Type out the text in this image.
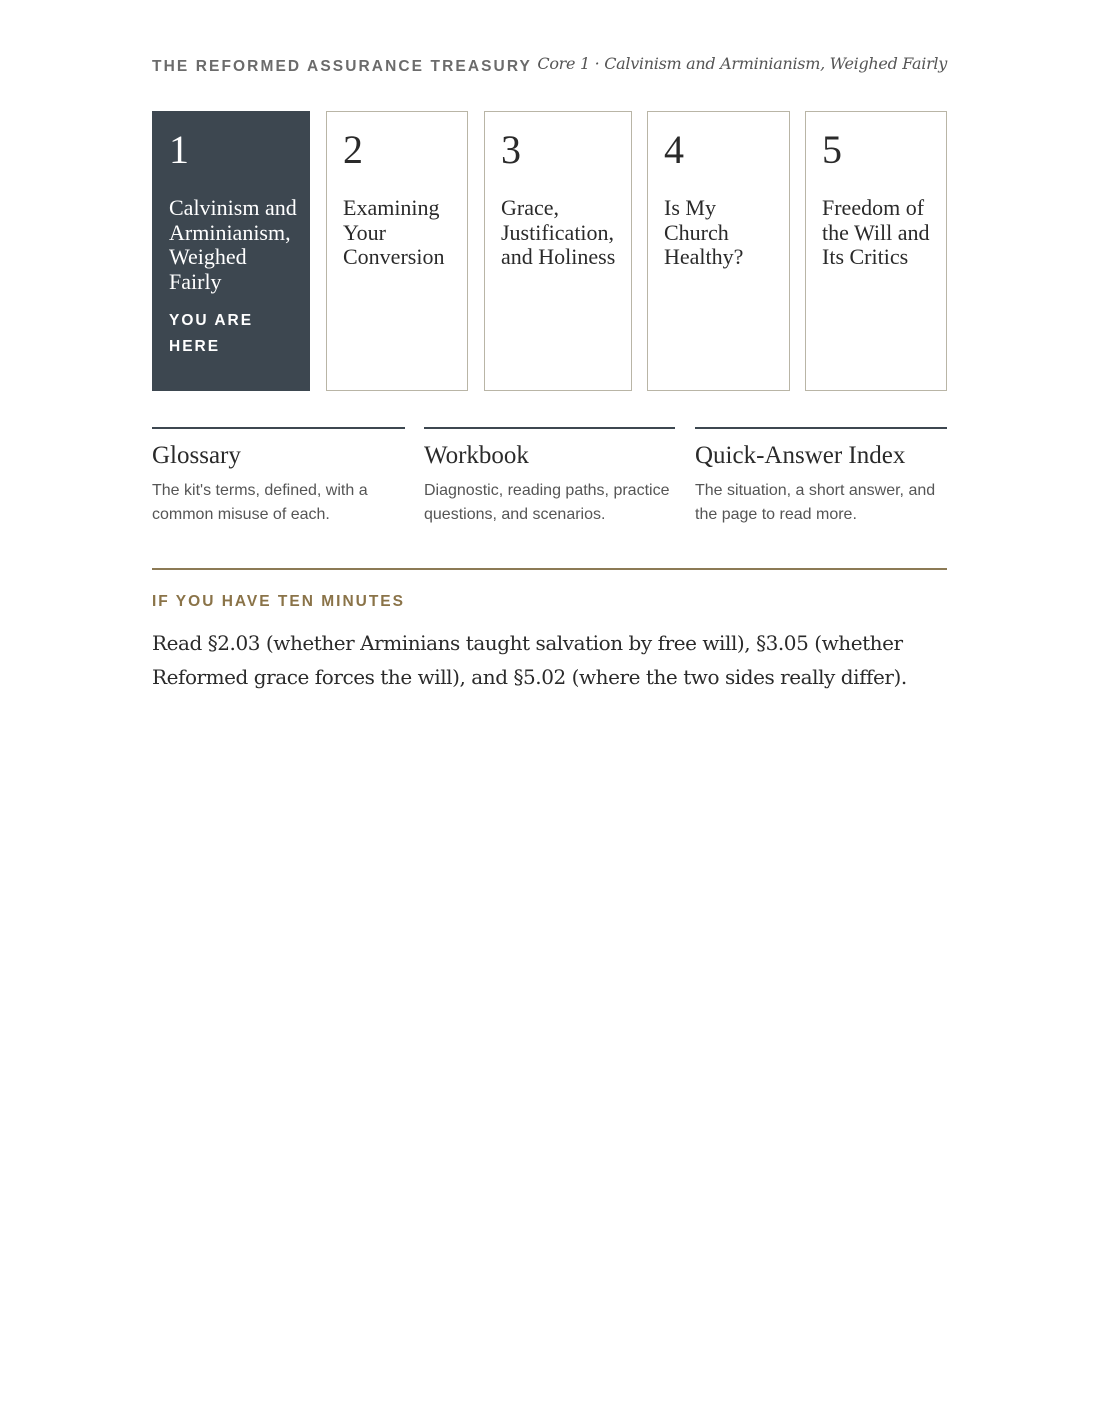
THE REFORMED ASSURANCE TREASURY Core 1 · Calvinism and Arminianism, Weighed Fairly
1
Calvinism and Arminianism, Weighed Fairly
YOU ARE HERE
2
Examining Your Conversion
3
Grace, Justification, and Holiness
4
Is My Church Healthy?
5
Freedom of the Will and Its Critics
Glossary
The kit's terms, defined, with a common misuse of each.
Workbook
Diagnostic, reading paths, practice questions, and scenarios.
Quick-Answer Index
The situation, a short answer, and the page to read more.
IF YOU HAVE TEN MINUTES
Read §2.03 (whether Arminians taught salvation by free will), §3.05 (whether Reformed grace forces the will), and §5.02 (where the two sides really differ).
